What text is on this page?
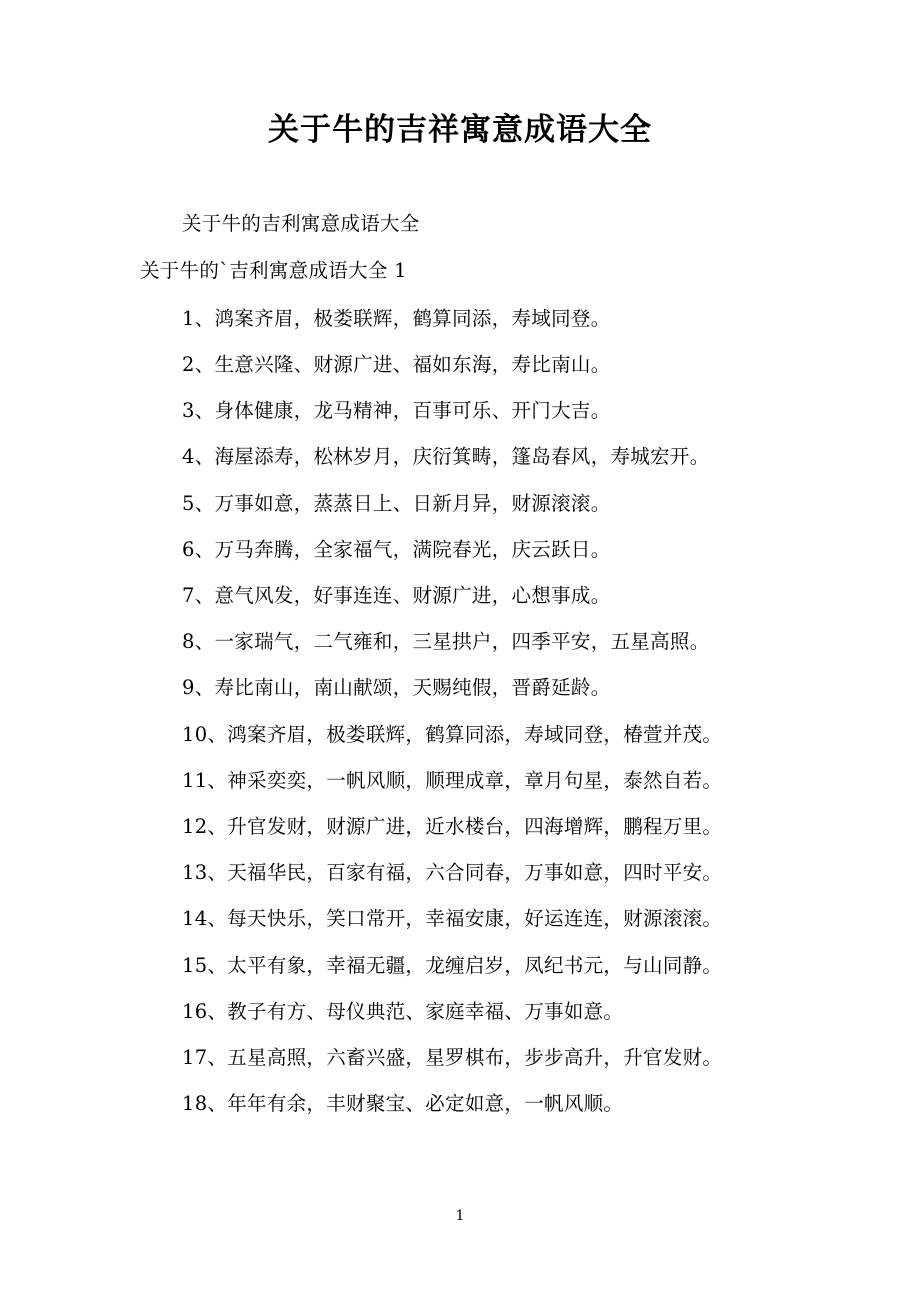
关于牛的吉祥寓意成语大全

关于牛的吉利寓意成语大全

关于牛的`吉利寓意成语大全 1

1、鸿案齐眉，极娄联辉，鹤算同添，寿域同登。

2、生意兴隆、财源广进、福如东海，寿比南山。

3、身体健康，龙马精神，百事可乐、开门大吉。

4、海屋添寿，松林岁月，庆衍箕畴，篷岛春风，寿城宏开。

5、万事如意，蒸蒸日上、日新月异，财源滚滚。

6、万马奔腾，全家福气，满院春光，庆云跃日。

7、意气风发，好事连连、财源广进，心想事成。

8、一家瑞气，二气雍和，三星拱户，四季平安，五星高照。

9、寿比南山，南山献颂，天赐纯假，晋爵延龄。

10、鸿案齐眉，极娄联辉，鹤算同添，寿域同登，椿萱并茂。

11、神采奕奕，一帆风顺，顺理成章，章月句星，泰然自若。

12、升官发财，财源广进，近水楼台，四海增辉，鹏程万里。

13、天福华民，百家有福，六合同春，万事如意，四时平安。

14、每天快乐，笑口常开，幸福安康，好运连连，财源滚滚。

15、太平有象，幸福无疆，龙缠启岁，凤纪书元，与山同静。

16、教子有方、母仪典范、家庭幸福、万事如意。

17、五星高照，六畜兴盛，星罗棋布，步步高升，升官发财。

18、年年有余，丰财聚宝、必定如意，一帆风顺。

1
